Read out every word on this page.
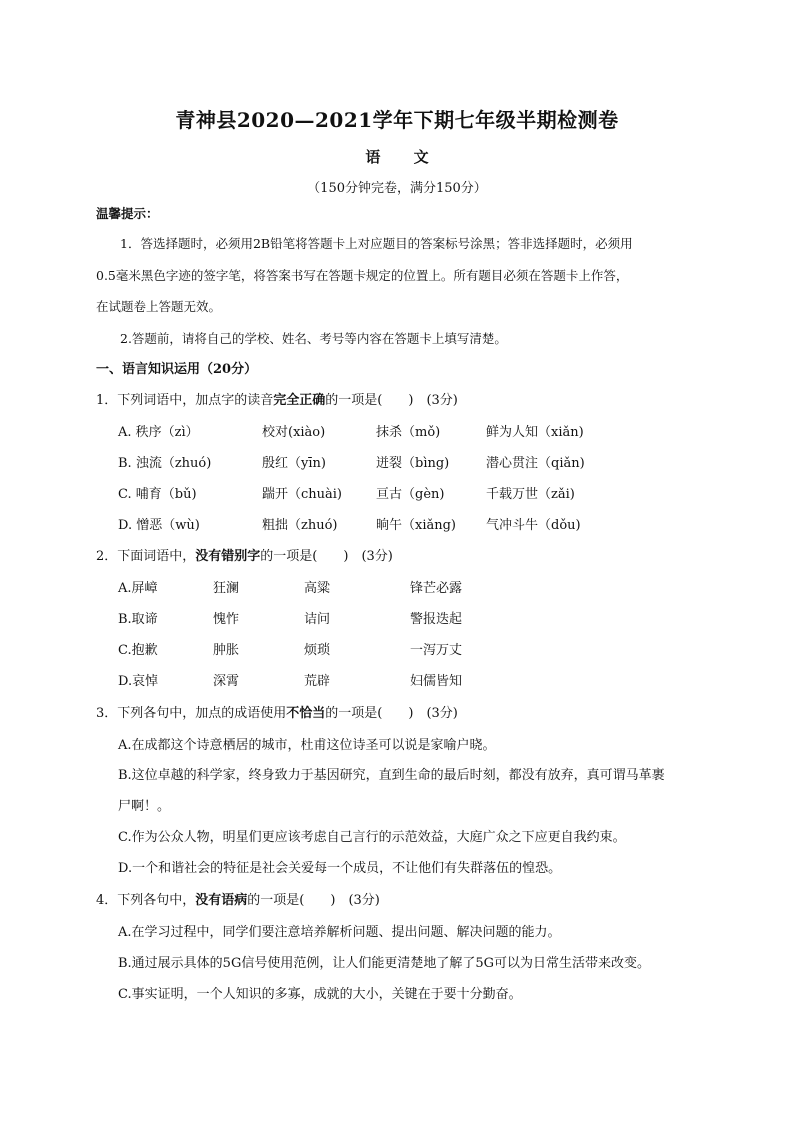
青神县2020—2021学年下期七年级半期检测卷
语 文
（150分钟完卷，满分150分）
温馨提示：
1．答选择题时，必须用2B铅笔将答题卡上对应题目的答案标号涂黑；答非选择题时，必须用
0.5毫米黑色字迹的签字笔，将答案书写在答题卡规定的位置上。所有题目必须在答题卡上作答，
在试题卷上答题无效。
2.答题前，请将自己的学校、姓名、考号等内容在答题卡上填写清楚。
一、语言知识运用（20分）
1．下列词语中，加点字的读音完全正确的一项是(　　)　(3分)
A. 秩序（zì）	校对(xiào)	抹杀（mǒ)	鲜为人知（xiǎn)
B. 浊流（zhuó)	殷红（yīn)	迸裂（bìng)	潜心贯注（qiǎn)
C. 哺育（bǔ)	踹开（chuài)	亘古（gèn)	千载万世（zǎi)
D. 憎恶（wù)	粗拙（zhuó)	晌午（xiǎng) 气冲斗牛（dǒu)
2．下面词语中，没有错别字的一项是(　　)　(3分)
A.屏嶂	狂澜	高粱	锋芒必露
B.取谛	愧怍	诘问	警报迭起
C.抱歉	肿胀	烦琐	一泻万丈
D.哀悼	深霄	荒辟	妇儒皆知
3．下列各句中，加点的成语使用不恰当的一项是(　　)　(3分)
A.在成都这个诗意栖居的城市，杜甫这位诗圣可以说是家喻户晓。
B.这位卓越的科学家，终身致力于基因研究，直到生命的最后时刻，都没有放弃，真可谓马革裹
尸啊！。
C.作为公众人物，明星们更应该考虑自己言行的示范效益，大庭广众之下应更自我约束。
D.一个和谐社会的特征是社会关爱每一个成员，不让他们有失群落伍的惶恐。
4．下列各句中，没有语病的一项是(　　)　(3分)
A.在学习过程中，同学们要注意培养解析问题、提出问题、解决问题的能力。
B.通过展示具体的5G信号使用范例，让人们能更清楚地了解了5G可以为日常生活带来改变。
C.事实证明，一个人知识的多寡，成就的大小，关键在于要十分勤奋。
